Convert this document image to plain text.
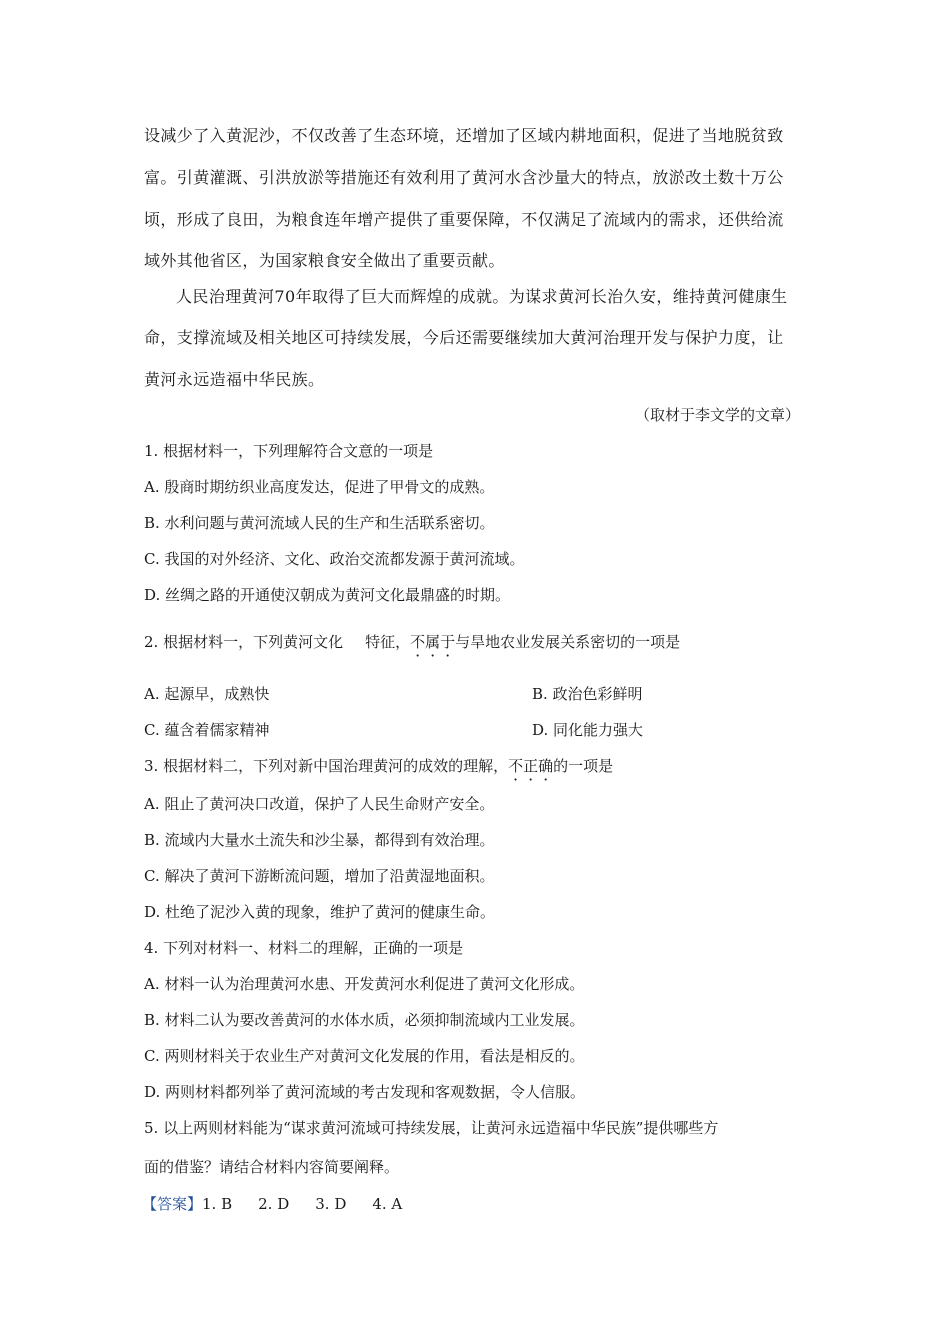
设减少了入黄泥沙，不仅改善了生态环境，还增加了区域内耕地面积，促进了当地脱贫致
富。引黄灌溉、引洪放淤等措施还有效利用了黄河水含沙量大的特点，放淤改土数十万公
顷，形成了良田，为粮食连年增产提供了重要保障，不仅满足了流域内的需求，还供给流
域外其他省区，为国家粮食安全做出了重要贡献。
人民治理黄河70年取得了巨大而辉煌的成就。为谋求黄河长治久安，维持黄河健康生
命，支撑流域及相关地区可持续发展，今后还需要继续加大黄河治理开发与保护力度，让
黄河永远造福中华民族。
（取材于李文学的文章）
1. 根据材料一，下列理解符合文意的一项是
A. 殷商时期纺织业高度发达，促进了甲骨文的成熟。
B. 水利问题与黄河流域人民的生产和生活联系密切。
C. 我国的对外经济、文化、政治交流都发源于黄河流域。
D. 丝绸之路的开通使汉朝成为黄河文化最鼎盛的时期。
2. 根据材料一，下列黄河文化 特征，不属于与旱地农业发展关系密切的一项是
A. 起源早，成熟快	B. 政治色彩鲜明
C. 蕴含着儒家精神	D. 同化能力强大
3. 根据材料二，下列对新中国治理黄河的成效的理解，不正确的一项是
A. 阻止了黄河决口改道，保护了人民生命财产安全。
B. 流域内大量水土流失和沙尘暴，都得到有效治理。
C. 解决了黄河下游断流问题，增加了沿黄湿地面积。
D. 杜绝了泥沙入黄的现象，维护了黄河的健康生命。
4. 下列对材料一、材料二的理解，正确的一项是
A. 材料一认为治理黄河水患、开发黄河水利促进了黄河文化形成。
B. 材料二认为要改善黄河的水体水质，必须抑制流域内工业发展。
C. 两则材料关于农业生产对黄河文化发展的作用，看法是相反的。
D. 两则材料都列举了黄河流域的考古发现和客观数据，令人信服。
5. 以上两则材料能为“谋求黄河流域可持续发展，让黄河永远造福中华民族”提供哪些方
面的借鉴？请结合材料内容简要阐释。
【答案】1. B 2. D 3. D 4. A
